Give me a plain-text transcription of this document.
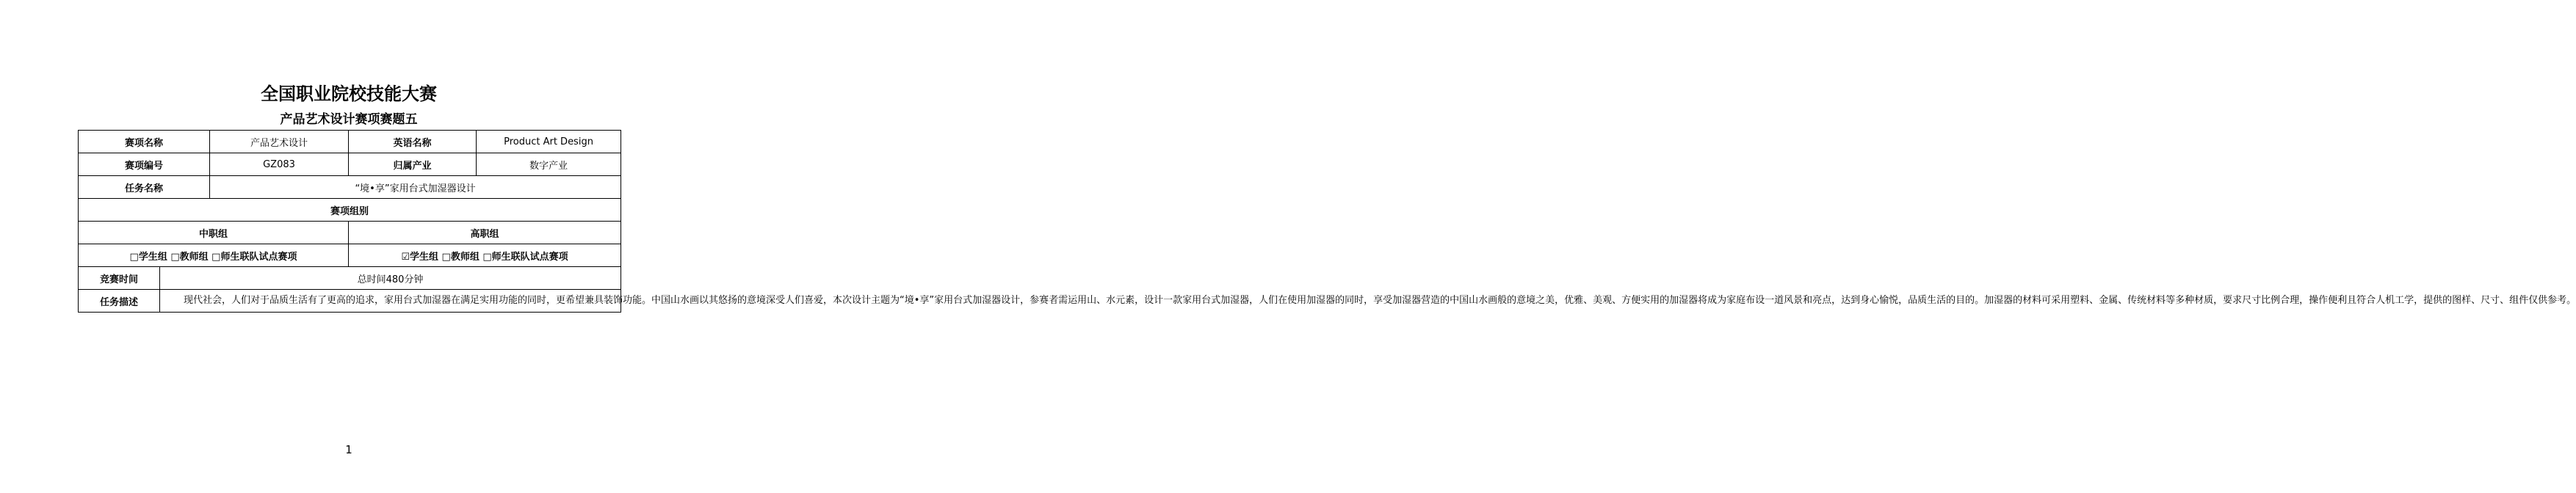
全国职业院校技能大赛
产品艺术设计赛项赛题五
赛项名称		产品艺术设计	英语名称	Product Art Design
赛项编号		GZ083	归属产业	数字产业
任务名称		“境•享”家用台式加湿器设计		
赛项组别				
中职组			高职组	
□学生组 □教师组 □师生联队试点赛项			☑学生组 □教师组 □师生联队试点赛项	
竞赛时间	总时间480分钟			
任务描述	现代社会，人们对于品质生活有了更高的追求，家用台式加湿器在满足实用功能的同时，更希望兼具装饰功能。中国山水画以其悠扬的意境深受人们喜爱，本次设计主题为“境•享”家用台式加湿器设计，参赛者需运用山、水元素，设计一款家用台式加湿器，人们在使用加湿器的同时，享受加湿器营造的中国山水画般的意境之美，优雅、美观、方便实用的加湿器将成为家庭布设一道风景和亮点，达到身心愉悦，品质生活的目的。加湿器的材料可采用塑料、金属、传统材料等多种材质，要求尺寸比例合理，操作便利且符合人机工学，提供的图样、尺寸、组件仅供参考。			
1
